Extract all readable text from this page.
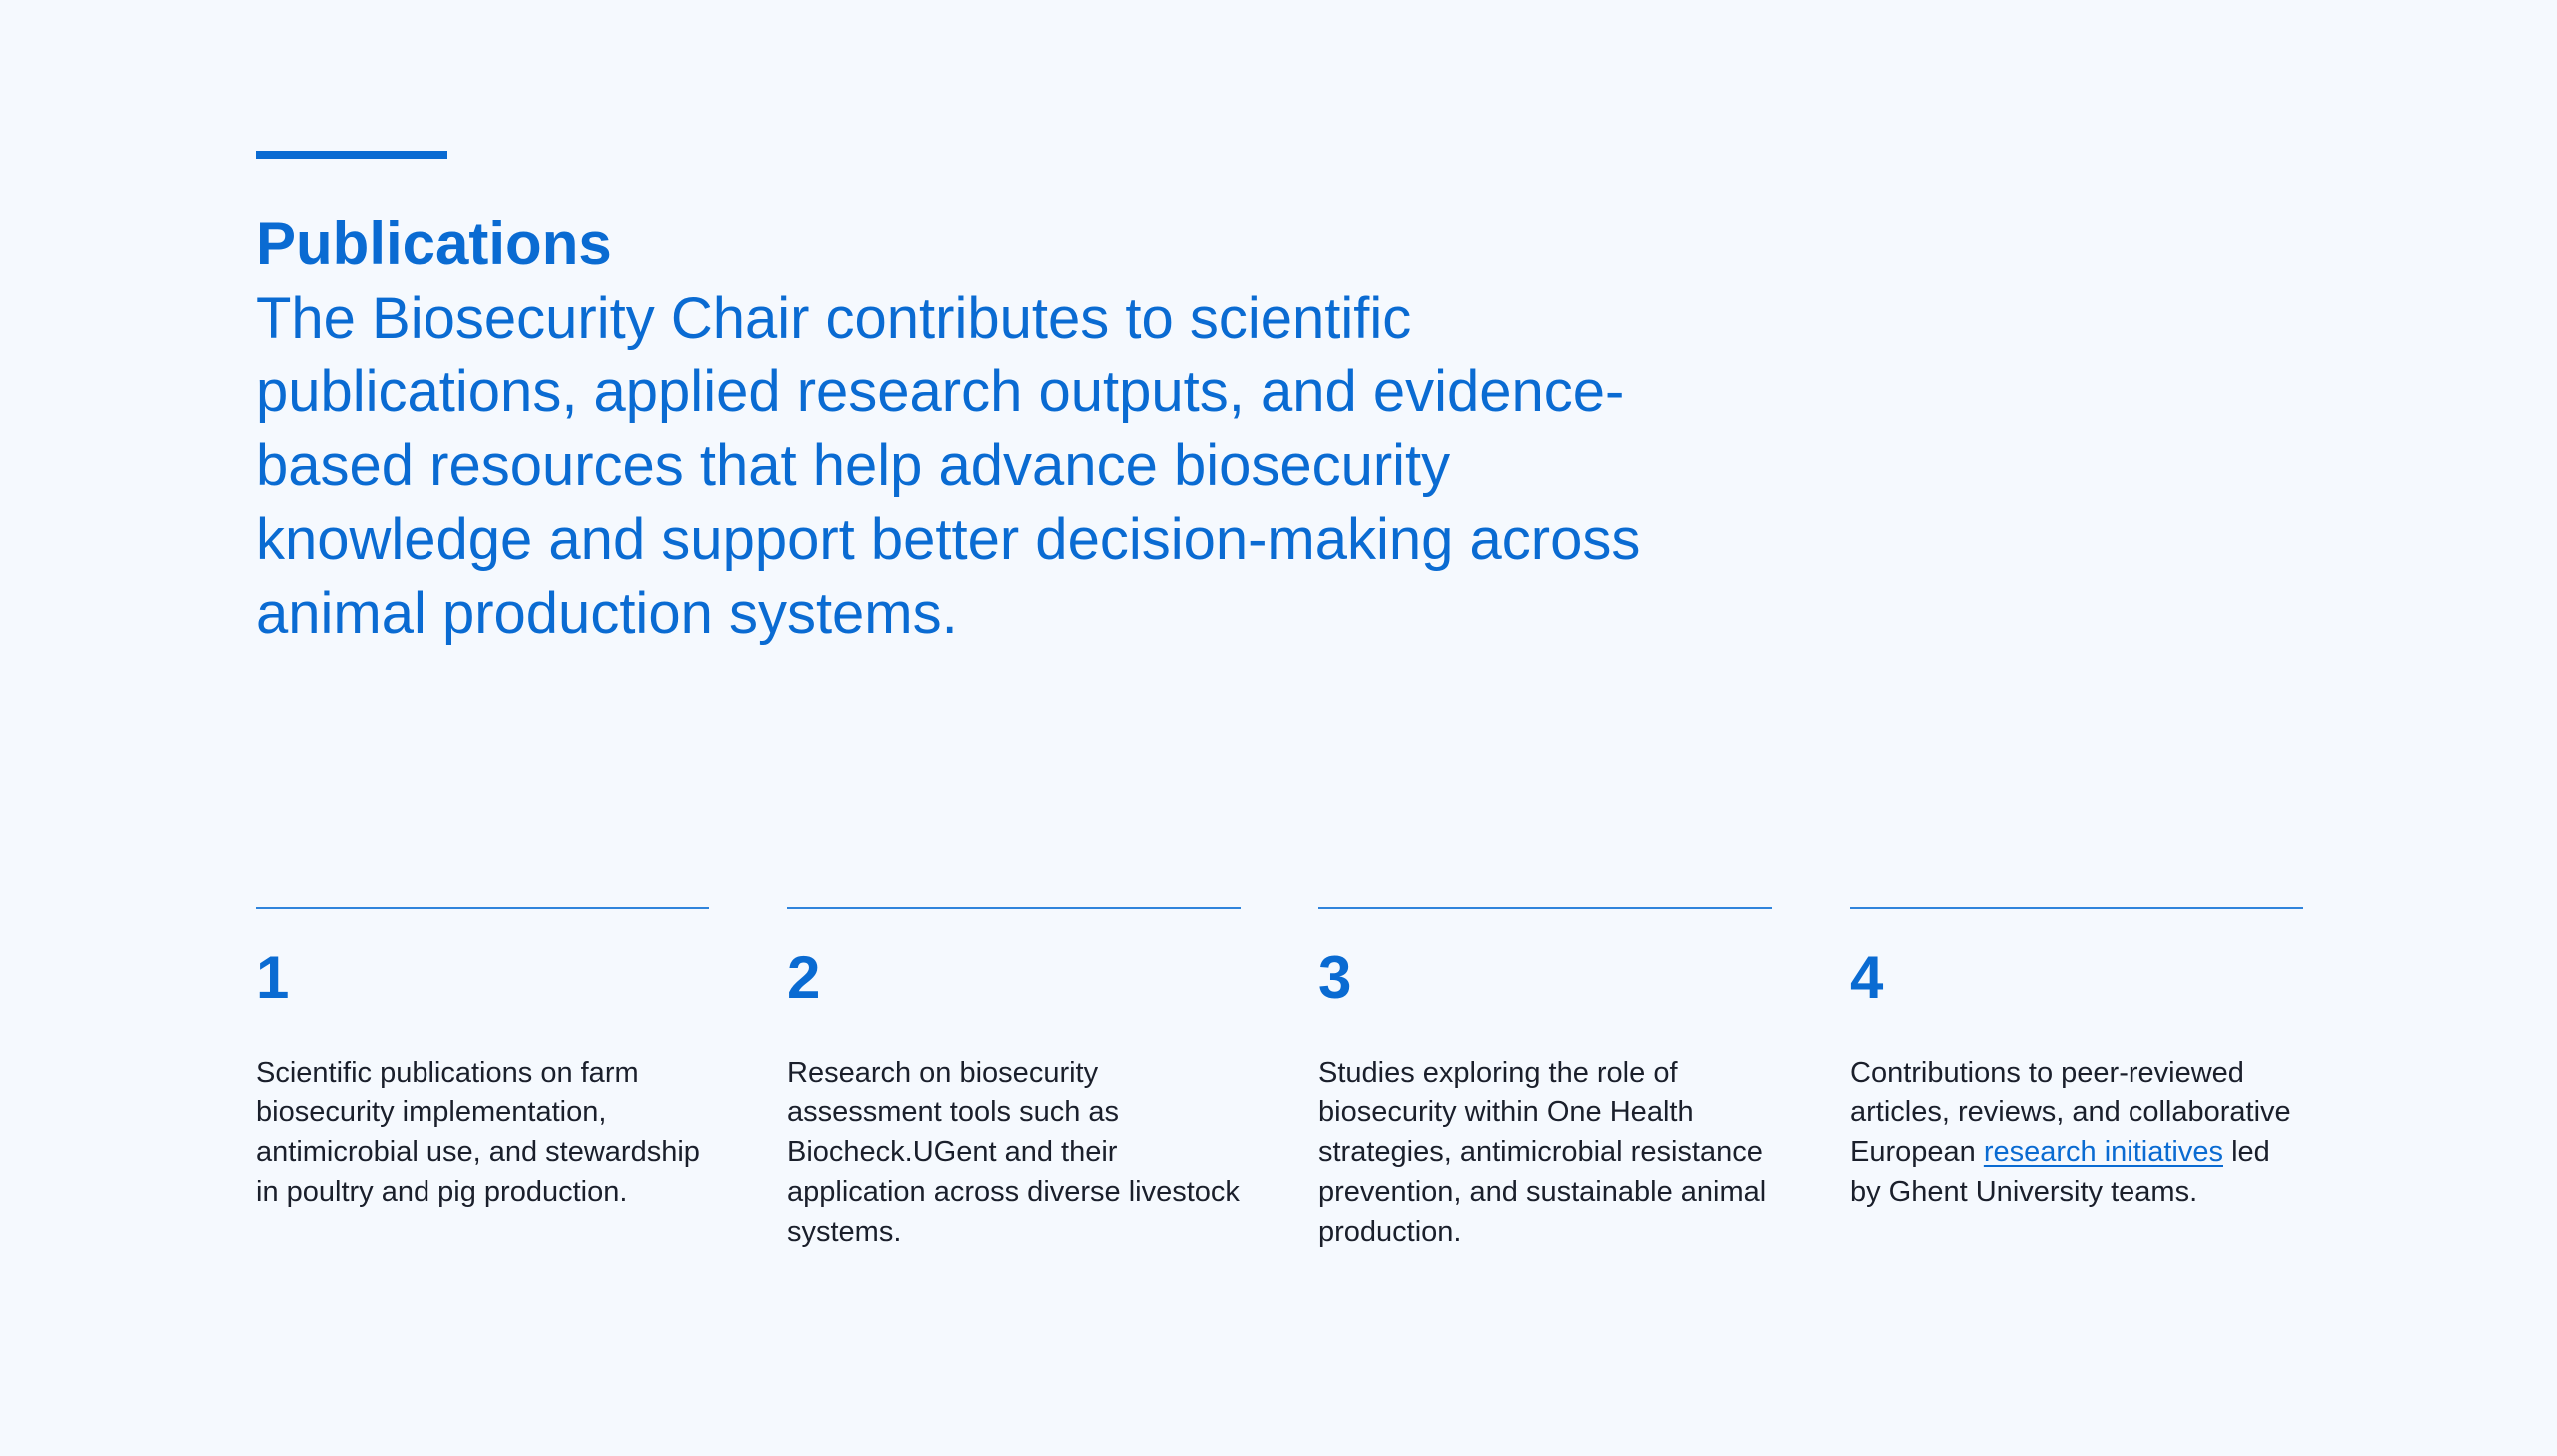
Publications

The Biosecurity Chair contributes to scientific publications, applied research outputs, and evidence-based resources that help advance biosecurity knowledge and support better decision-making across animal production systems.

1

Scientific publications on farm biosecurity implementation, antimicrobial use, and stewardship in poultry and pig production.

2

Research on biosecurity assessment tools such as Biocheck.UGent and their application across diverse livestock systems.

3

Studies exploring the role of biosecurity within One Health strategies, antimicrobial resistance prevention, and sustainable animal production.

4

Contributions to peer-reviewed articles, reviews, and collaborative European research initiatives led by Ghent University teams.
